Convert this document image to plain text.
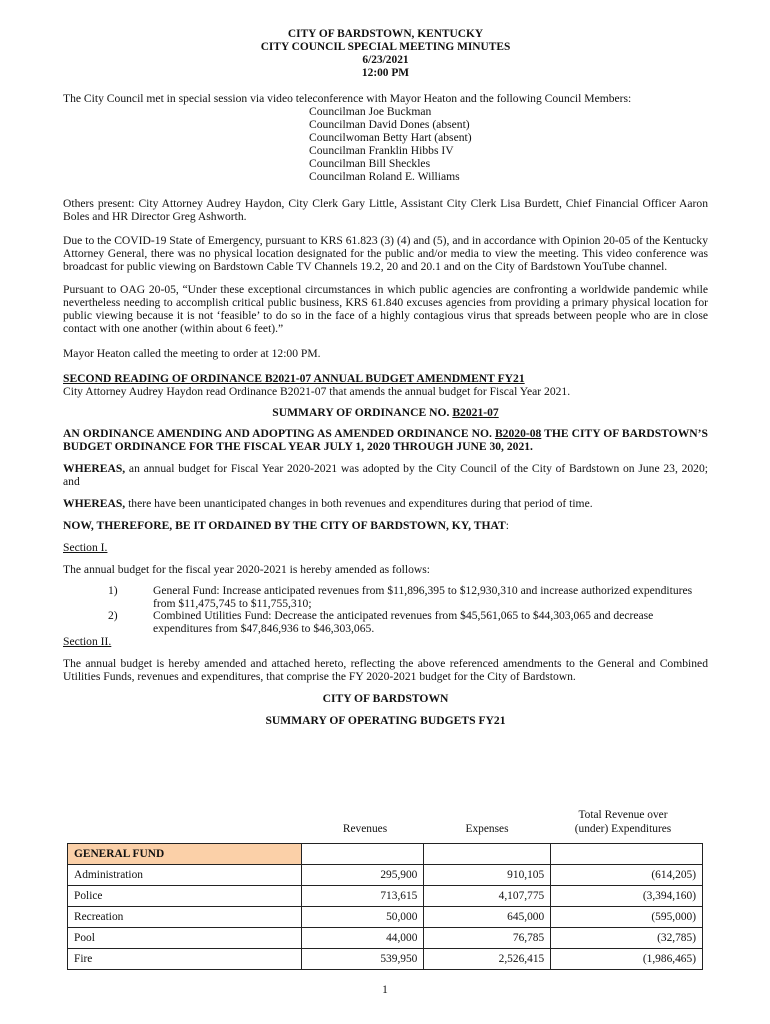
CITY OF BARDSTOWN, KENTUCKY
CITY COUNCIL SPECIAL MEETING MINUTES
6/23/2021
12:00 PM

The City Council met in special session via video teleconference with Mayor Heaton and the following Council Members:

Councilman Joe Buckman
Councilman David Dones (absent)
Councilwoman Betty Hart (absent)
Councilman Franklin Hibbs IV
Councilman Bill Sheckles
Councilman Roland E. Williams

Others present: City Attorney Audrey Haydon, City Clerk Gary Little, Assistant City Clerk Lisa Burdett, Chief Financial Officer Aaron Boles and HR Director Greg Ashworth.

Due to the COVID-19 State of Emergency, pursuant to KRS 61.823 (3) (4) and (5), and in accordance with Opinion 20-05 of the Kentucky Attorney General, there was no physical location designated for the public and/or media to view the meeting. This video conference was broadcast for public viewing on Bardstown Cable TV Channels 19.2, 20 and 20.1 and on the City of Bardstown YouTube channel.

Pursuant to OAG 20-05, “Under these exceptional circumstances in which public agencies are confronting a worldwide pandemic while nevertheless needing to accomplish critical public business, KRS 61.840 excuses agencies from providing a primary physical location for public viewing because it is not ‘feasible’ to do so in the face of a highly contagious virus that spreads between people who are in close contact with one another (within about 6 feet).”

Mayor Heaton called the meeting to order at 12:00 PM.

SECOND READING OF ORDINANCE B2021-07 ANNUAL BUDGET AMENDMENT FY21

City Attorney Audrey Haydon read Ordinance B2021-07 that amends the annual budget for Fiscal Year 2021.

SUMMARY OF ORDINANCE NO. B2021-07

AN ORDINANCE AMENDING AND ADOPTING AS AMENDED ORDINANCE NO. B2020-08 THE CITY OF BARDSTOWN’S BUDGET ORDINANCE FOR THE FISCAL YEAR JULY 1, 2020 THROUGH JUNE 30, 2021.

WHEREAS, an annual budget for Fiscal Year 2020-2021 was adopted by the City Council of the City of Bardstown on June 23, 2020; and

WHEREAS, there have been unanticipated changes in both revenues and expenditures during that period of time.

NOW, THEREFORE, BE IT ORDAINED BY THE CITY OF BARDSTOWN, KY, THAT:

Section I.

The annual budget for the fiscal year 2020-2021 is hereby amended as follows:

1)	General Fund: Increase anticipated revenues from $11,896,395 to $12,930,310 and increase authorized expenditures from $11,475,745 to $11,755,310;
2)	Combined Utilities Fund: Decrease the anticipated revenues from $45,561,065 to $44,303,065 and decrease expenditures from $47,846,936 to $46,303,065.

Section II.

The annual budget is hereby amended and attached hereto, reflecting the above referenced amendments to the General and Combined Utilities Funds, revenues and expenditures, that comprise the FY 2020-2021 budget for the City of Bardstown.

CITY OF BARDSTOWN

SUMMARY OF OPERATING BUDGETS FY21

Revenues	Expenses
Total Revenue over
(under) Expenditures
GENERAL FUND			
Administration	295,900	910,105	(614,205)
Police	713,615	4,107,775	(3,394,160)
Recreation	50,000	645,000	(595,000)
Pool	44,000	76,785	(32,785)
Fire	539,950	2,526,415	(1,986,465)
1
